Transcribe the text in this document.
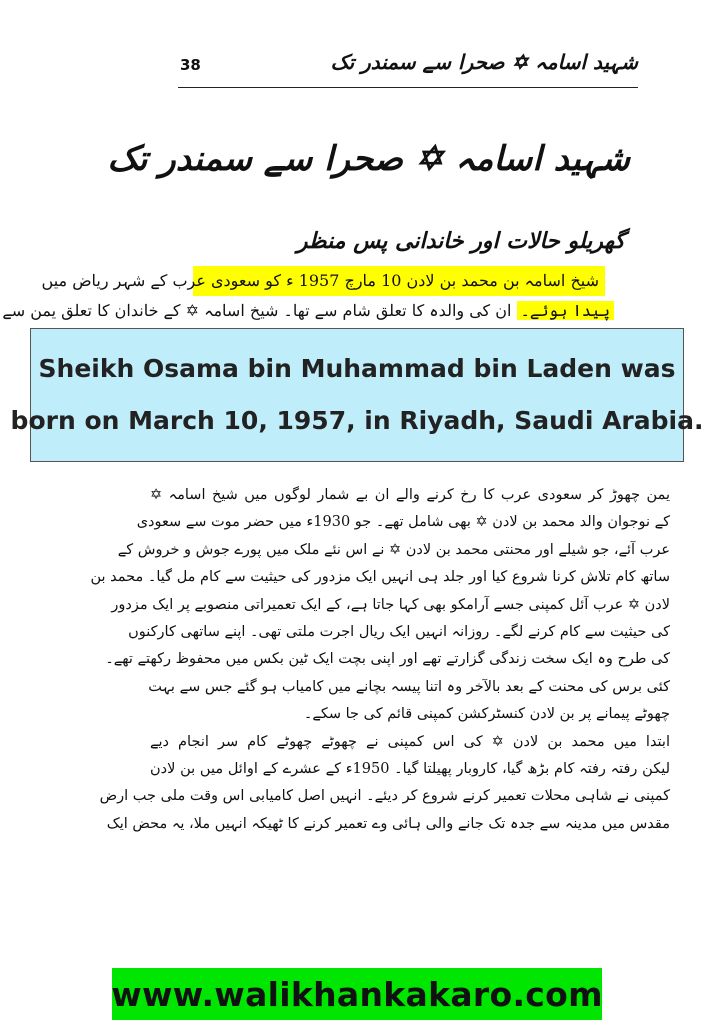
38	شہید اسامہ ✡ صحرا سے سمندر تک
شہید اسامہ ✡ صحرا سے سمندر تک
گھریلو حالات اور خاندانی پس منظر
شیخ اسامہ بن محمد بن لادن 10 مارچ 1957 ء کو سعودی عرب کے شہر ریاض میں
پیدا ہوئے۔ ان کی والدہ کا تعلق شام سے تھا۔ شیخ اسامہ ✡ کے خاندان کا تعلق یمن سے
Sheikh Osama bin Muhammad bin Laden was
born on March 10, 1957, in Riyadh, Saudi Arabia.
یمن چھوڑ کر سعودی عرب کا رخ کرنے والے ان بے شمار لوگوں میں شیخ اسامہ ✡
کے نوجوان والد محمد بن لادن ✡ بھی شامل تھے۔ جو 1930ء میں حضر موت سے سعودی
عرب آئے، جو شیلے اور محنتی محمد بن لادن ✡ نے اس نئے ملک میں پورے جوش و خروش کے
ساتھ کام تلاش کرنا شروع کیا اور جلد ہی انہیں ایک مزدور کی حیثیت سے کام مل گیا۔ محمد بن
لادن ✡ عرب آئل کمپنی جسے آرامکو بھی کہا جاتا ہے، کے ایک تعمیراتی منصوبے پر ایک مزدور
کی حیثیت سے کام کرنے لگے۔ روزانہ انہیں ایک ریال اجرت ملتی تھی۔ اپنے ساتھی کارکنوں
کی طرح وہ ایک سخت زندگی گزارتے تھے اور اپنی بچت ایک ٹین بکس میں محفوظ رکھتے تھے۔
کئی برس کی محنت کے بعد بالآخر وہ اتنا پیسہ بچانے میں کامیاب ہو گئے جس سے بہت
چھوٹے پیمانے پر بن لادن کنسٹرکشن کمپنی قائم کی جا سکے۔
ابتدا میں محمد بن لادن ✡ کی اس کمپنی نے چھوٹے چھوٹے کام سر انجام دیے
لیکن رفتہ رفتہ کام بڑھ گیا، کاروبار پھیلتا گیا۔ 1950ء کے عشرے کے اوائل میں بن لادن
کمپنی نے شاہی محلات تعمیر کرنے شروع کر دیئے۔ انہیں اصل کامیابی اس وقت ملی جب ارض
مقدس میں مدینہ سے جدہ تک جانے والی ہائی وے تعمیر کرنے کا ٹھیکہ انہیں ملا، یہ محض ایک
www.walikhankakaro.com
